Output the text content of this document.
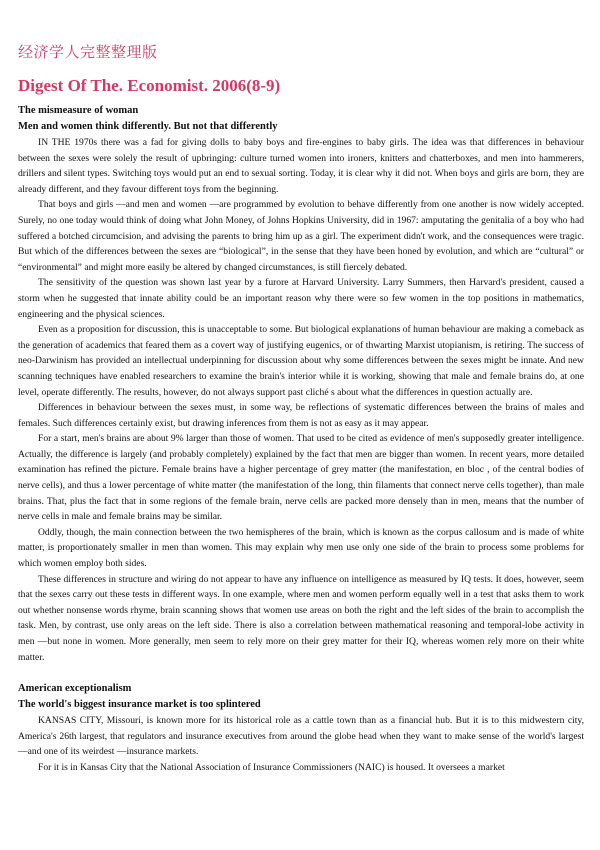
经济学人完整整理版
Digest Of The. Economist. 2006(8-9)
The mismeasure of woman
Men and women think differently. But not that differently

IN THE 1970s there was a fad for giving dolls to baby boys and fire-engines to baby girls. The idea was that differences in behaviour between the sexes were solely the result of upbringing: culture turned women into ironers, knitters and chatterboxes, and men into hammerers, drillers and silent types. Switching toys would put an end to sexual sorting. Today, it is clear why it did not. When boys and girls are born, they are already different, and they favour different toys from the beginning.

That boys and girls —and men and women —are programmed by evolution to behave differently from one another is now widely accepted. Surely, no one today would think of doing what John Money, of Johns Hopkins University, did in 1967: amputating the genitalia of a boy who had suffered a botched circumcision, and advising the parents to bring him up as a girl. The experiment didn't work, and the consequences were tragic. But which of the differences between the sexes are “biological”, in the sense that they have been honed by evolution, and which are “cultural” or “environmental” and might more easily be altered by changed circumstances, is still fiercely debated.

The sensitivity of the question was shown last year by a furore at Harvard University. Larry Summers, then Harvard's president, caused a storm when he suggested that innate ability could be an important reason why there were so few women in the top positions in mathematics, engineering and the physical sciences.

Even as a proposition for discussion, this is unacceptable to some. But biological explanations of human behaviour are making a comeback as the generation of academics that feared them as a covert way of justifying eugenics, or of thwarting Marxist utopianism, is retiring. The success of neo-Darwinism has provided an intellectual underpinning for discussion about why some differences between the sexes might be innate. And new scanning techniques have enabled researchers to examine the brain's interior while it is working, showing that male and female brains do, at one level, operate differently. The results, however, do not always support past cliché s about what the differences in question actually are.

Differences in behaviour between the sexes must, in some way, be reflections of systematic differences between the brains of males and females. Such differences certainly exist, but drawing inferences from them is not as easy as it may appear.

For a start, men's brains are about 9% larger than those of women. That used to be cited as evidence of men's supposedly greater intelligence. Actually, the difference is largely (and probably completely) explained by the fact that men are bigger than women. In recent years, more detailed examination has refined the picture. Female brains have a higher percentage of grey matter (the manifestation, en bloc , of the central bodies of nerve cells), and thus a lower percentage of white matter (the manifestation of the long, thin filaments that connect nerve cells together), than male brains. That, plus the fact that in some regions of the female brain, nerve cells are packed more densely than in men, means that the number of nerve cells in male and female brains may be similar.

Oddly, though, the main connection between the two hemispheres of the brain, which is known as the corpus callosum and is made of white matter, is proportionately smaller in men than women. This may explain why men use only one side of the brain to process some problems for which women employ both sides.

These differences in structure and wiring do not appear to have any influence on intelligence as measured by IQ tests. It does, however, seem that the sexes carry out these tests in different ways. In one example, where men and women perform equally well in a test that asks them to work out whether nonsense words rhyme, brain scanning shows that women use areas on both the right and the left sides of the brain to accomplish the task. Men, by contrast, use only areas on the left side. There is also a correlation between mathematical reasoning and temporal-lobe activity in men —but none in women. More generally, men seem to rely more on their grey matter for their IQ, whereas women rely more on their white matter.

American exceptionalism
The world's biggest insurance market is too splintered

KANSAS CITY, Missouri, is known more for its historical role as a cattle town than as a financial hub. But it is to this midwestern city, America's 26th largest, that regulators and insurance executives from around the globe head when they want to make sense of the world's largest —and one of its weirdest —insurance markets.

For it is in Kansas City that the National Association of Insurance Commissioners (NAIC) is housed. It oversees a market
